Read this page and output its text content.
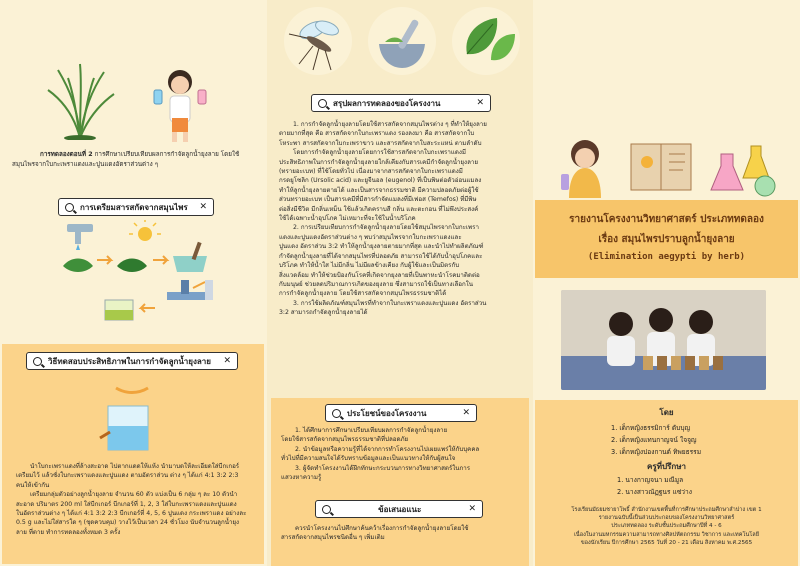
การทดลองตอนที่ 2 การศึกษาเปรียบเทียบผลการกำจัดลูกน้ำยุงลาย โดยใช้สมุนไพรจากใบกะเพราแดงและปูนแดงอัตราส่วนต่าง ๆ

การเตรียมสารสกัดจากสมุนไพร	✕
วิธีทดสอบประสิทธิภาพในการกำจัดลูกน้ำยุงลาย	✕
นำใบกะเพราแดงที่ล้างสะอาด ไปตากแดดให้แห้ง นำมาบดให้ละเอียดใส่บีกเกอร์
เตรียมไว้ แล้วชั่งใบกะเพราแดงและปูนแดง ตามอัตราส่วน ต่าง ๆ ได้แก่ 4:1 3:2 2:3
คนให้เข้ากัน
เตรียมกลุ่มตัวอย่างลูกน้ำยุงลาย จำนวน 60 ตัว แบ่งเป็น 6 กลุ่ม ๆ ละ 10 ตัวนำ
สะอาด ปริมาตร 200 ml ใส่บีกเกอร์ บีกเกอร์ที่ 1, 2, 3 ใส่ใบกะเพราแดงและปูนแดง
ในอัตราส่วนต่าง ๆ ได้แก่ 4:1 3:2 2:3 บีกเกอร์ที่ 4, 5, 6 ปูนแดง กระเพราแดง อย่างละ
0.5 g และไม่ใส่สารใด ๆ (ชุดควบคุม) วางไว้เป็นเวลา 24 ชั่วโมง นับจำนวนลูกน้ำยุง
ลาย ที่ตาย ทำการทดลองทั้งหมด 3 ครั้ง
สรุปผลการทดลองของโครงงาน	✕
1. การกำจัดลูกน้ำยุงลายโดยใช้สารสกัดจากสมุนไพรต่าง ๆ ที่ทำให้ยุงลาย
ตายมากที่สุด คือ สารสกัดจากใบกะเพราแดง รองลงมา คือ สารสกัดจากใบ
โหระพา สารสกัดจากใบกะเพราขาว และสารสกัดจากใบสะระแหน่ ตามลำดับ
โดยการกำจัดลูกน้ำยุงลายโดยการใช้สารสกัดจากใบกะเพราแดงมี
ประสิทธิภาพในการกำจัดลูกน้ำยุงลายใกล้เคียงกับสารเคมีกำจัดลูกน้ำยุงลาย
(ทรายอะเบท) ที่ใช้โดยทั่วไป เนื่องมาจากสารสกัดจากใบกะเพราแดงมี
กรดยูโซลิก (Ursolic acid) และยูจีนอล (eugenol) ที่เป็นพิษต่อตัวอ่อนแมลง
ทำให้ลูกน้ำยุงลายตายได้ และเป็นสารจากธรรมชาติ มีความปลอดภัยต่อผู้ใช้
ส่วนทรายอะเบท เป็นสารเคมีที่มีสารกำจัดแมลงที่มีเฟอส (Temefos) ที่มีพิษ
ต่อสิ่งมีชีวิต มีกลิ่นเหม็น ใช้แล้วเกิดคราบสี กลิ่น และตะกอน ที่ไม่พึงประสงค์
ใช้ได้เฉพาะน้ำอุปโภค ไม่เหมาะที่จะใช้ในน้ำบริโภค
2. การเปรียบเทียบการกำจัดลูกน้ำยุงลายโดยใช้สมุนไพรจากใบกะเพรา
แดงและปูนแดงอัตราส่วนต่าง ๆ พบว่าสมุนไพรจากใบกะเพราแดงและ
ปูนแดง อัตราส่วน 3:2 ทำให้ลูกน้ำยุงลายตายมากที่สุด และนำไปทำผลิตภัณฑ์
กำจัดลูกน้ำยุงลายที่ได้จากสมุนไพรที่ปลอดภัย สามารถใช้ได้กับน้ำอุปโภคและ
บริโภค ทำให้น้ำใส ไม่มีกลิ่น ไม่มีผลข้างเคียง กับผู้ใช้และเป็นมิตรกับ
สิ่งแวดล้อม ทำให้ช่วยป้องกันโรคที่เกิดจากยุงลายที่เป็นพาหะนำโรคมาติดต่อ
กับมนุษย์ ช่วยลดปริมาณการเกิดของยุงลาย ซึ่งสามารถใช้เป็นทางเลือกใน
การกำจัดลูกน้ำยุงลาย โดยใช้สารสกัดจากสมุนไพรธรรมชาติได้
3. การใช้ผลิตภัณฑ์สมุนไพรที่ทำจากใบกะเพราแดงและปูนแดง อัตราส่วน
3:2 สามารถกำจัดลูกน้ำยุงลายได้
ประโยชน์ของโครงงาน	✕
1. ได้ศึกษาการศึกษาเปรียบเทียบผลการกำจัดลูกน้ำยุงลาย
โดยใช้สารสกัดจากสมุนไพรธรรมชาติที่ปลอดภัย
2. นำข้อมูลหรือความรู้ที่ได้จากการทำโครงงานไปเผยแพร่ให้กับบุคคล
ทั่วไปที่มีความสนใจได้รับทราบข้อมูลและเป็นแนวทางให้กับผู้สนใจ
3. ผู้จัดทำโครงงานได้ฝึกทักษะกระบวนการทางวิทยาศาสตร์ในการ
แสวงหาความรู้
ข้อเสนอแนะ	✕
ควรนำโครงงานไปศึกษาค้นคว้าเรื่องการกำจัดลูกน้ำยุงลายโดยใช้
สารสกัดจากสมุนไพรชนิดอื่น ๆ เพิ่มเติม
รายงานโครงงานวิทยาศาสตร์ ประเภททดลอง
เรื่อง สมุนไพรปราบลูกน้ำยุงลาย
(Elimination aegypti by herb)
โดย
1. เด็กหญิงธรรมิการ์ ดับบุญ
2. เด็กหญิงแทนกาญจน์ ใจจูญ
3. เด็กหญิงปองกานต์ ทิพยธรรม
ครูที่ปรึกษา
1. นางกาญจนา มณีมูล
2. นางสาวณัฏฐนร แซ่ว่าง
โรงเรียนมัธยมชายาโพธิ์ สำนักงานเขตพื้นที่การศึกษาประถมศึกษาลำปาง เขต 1
รายงานฉบับนี้เป็นส่วนประกอบของโครงงานวิทยาศาสตร์
ประเภททดลอง ระดับชั้นประถมศึกษาปีที่ 4 - 6
เนื่องในงานมหกรรมความสามารถทางศิลปหัตถกรรม วิชาการ และเทคโนโลยี
ของนักเรียน ปีการศึกษา 2565 วันที่ 20 - 21 เดือน สิงหาคม พ.ศ.2565
